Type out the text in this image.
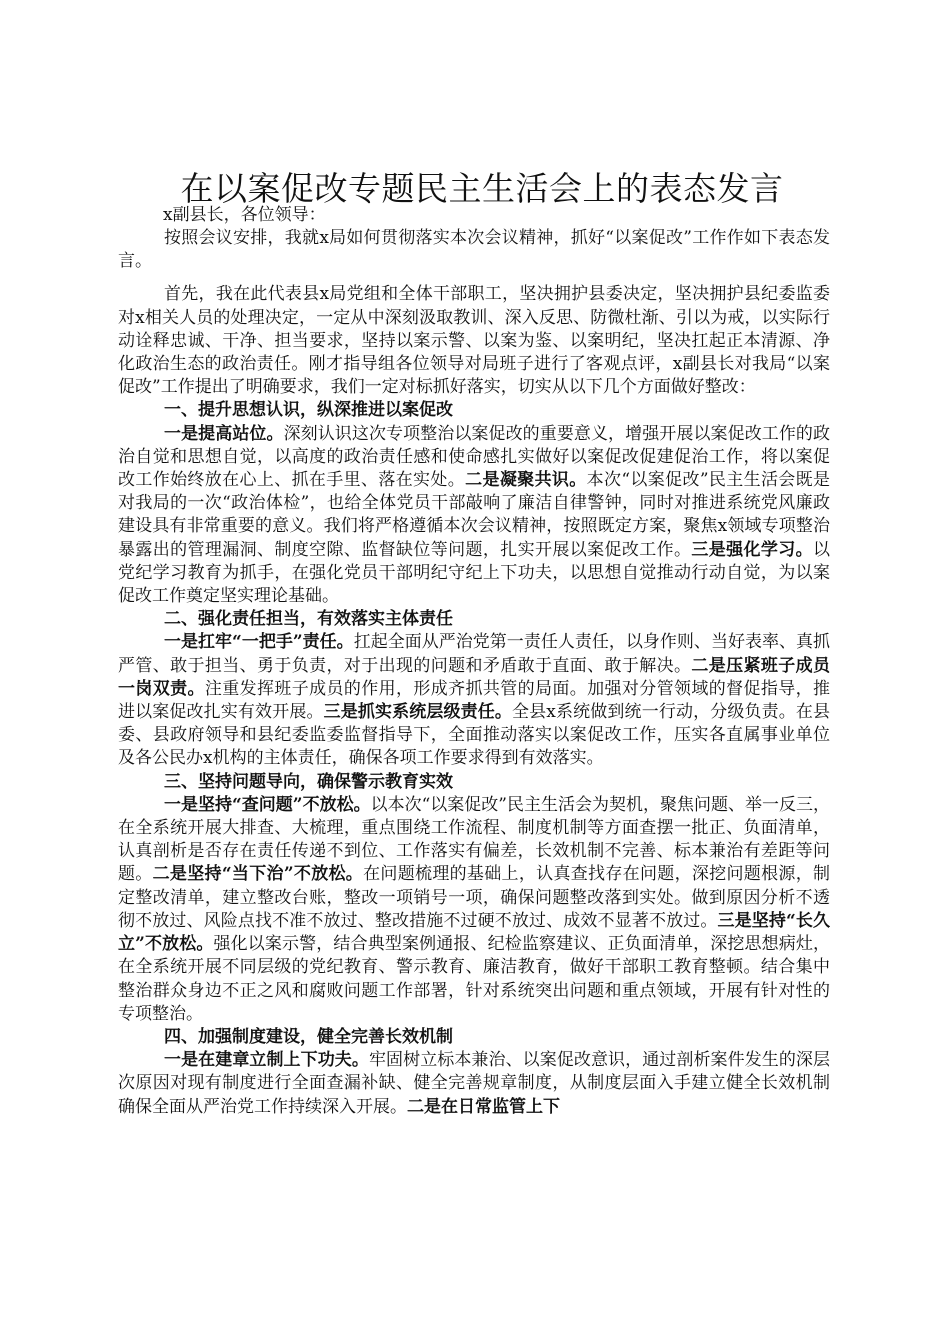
在以案促改专题民主生活会上的表态发言

x副县长，各位领导：

按照会议安排，我就x局如何贯彻落实本次会议精神，抓好“以案促改”工作作如下表态发言。

首先，我在此代表县x局党组和全体干部职工，坚决拥护县委决定，坚决拥护县纪委监委对x相关人员的处理决定，一定从中深刻汲取教训、深入反思、防微杜渐、引以为戒，以实际行动诠释忠诚、干净、担当要求，坚持以案示警、以案为鉴、以案明纪，坚决扛起正本清源、净化政治生态的政治责任。刚才指导组各位领导对局班子进行了客观点评，x副县长对我局“以案促改”工作提出了明确要求，我们一定对标抓好落实，切实从以下几个方面做好整改：

一、提升思想认识，纵深推进以案促改

一是提高站位。深刻认识这次专项整治以案促改的重要意义，增强开展以案促改工作的政治自觉和思想自觉，以高度的政治责任感和使命感扎实做好以案促改促建促治工作，将以案促改工作始终放在心上、抓在手里、落在实处。二是凝聚共识。本次“以案促改”民主生活会既是对我局的一次“政治体检”，也给全体党员干部敲响了廉洁自律警钟，同时对推进系统党风廉政建设具有非常重要的意义。我们将严格遵循本次会议精神，按照既定方案，聚焦x领域专项整治暴露出的管理漏洞、制度空隙、监督缺位等问题，扎实开展以案促改工作。三是强化学习。以党纪学习教育为抓手，在强化党员干部明纪守纪上下功夫，以思想自觉推动行动自觉，为以案促改工作奠定坚实理论基础。

二、强化责任担当，有效落实主体责任

一是扛牢“一把手”责任。扛起全面从严治党第一责任人责任，以身作则、当好表率、真抓严管、敢于担当、勇于负责，对于出现的问题和矛盾敢于直面、敢于解决。二是压紧班子成员一岗双责。注重发挥班子成员的作用，形成齐抓共管的局面。加强对分管领域的督促指导，推进以案促改扎实有效开展。三是抓实系统层级责任。全县x系统做到统一行动，分级负责。在县委、县政府领导和县纪委监委监督指导下，全面推动落实以案促改工作，压实各直属事业单位及各公民办x机构的主体责任，确保各项工作要求得到有效落实。

三、坚持问题导向，确保警示教育实效

一是坚持“查问题”不放松。以本次“以案促改”民主生活会为契机，聚焦问题、举一反三，在全系统开展大排查、大梳理，重点围绕工作流程、制度机制等方面查摆一批正、负面清单，认真剖析是否存在责任传递不到位、工作落实有偏差，长效机制不完善、标本兼治有差距等问题。二是坚持“当下治”不放松。在问题梳理的基础上，认真查找存在问题，深挖问题根源，制定整改清单，建立整改台账，整改一项销号一项，确保问题整改落到实处。做到原因分析不透彻不放过、风险点找不准不放过、整改措施不过硬不放过、成效不显著不放过。三是坚持“长久立”不放松。强化以案示警，结合典型案例通报、纪检监察建议、正负面清单，深挖思想病灶，在全系统开展不同层级的党纪教育、警示教育、廉洁教育，做好干部职工教育整顿。结合集中整治群众身边不正之风和腐败问题工作部署，针对系统突出问题和重点领域，开展有针对性的专项整治。

四、加强制度建设，健全完善长效机制

一是在建章立制上下功夫。牢固树立标本兼治、以案促改意识，通过剖析案件发生的深层次原因对现有制度进行全面查漏补缺、健全完善规章制度，从制度层面入手建立健全长效机制确保全面从严治党工作持续深入开展。二是在日常监管上下
